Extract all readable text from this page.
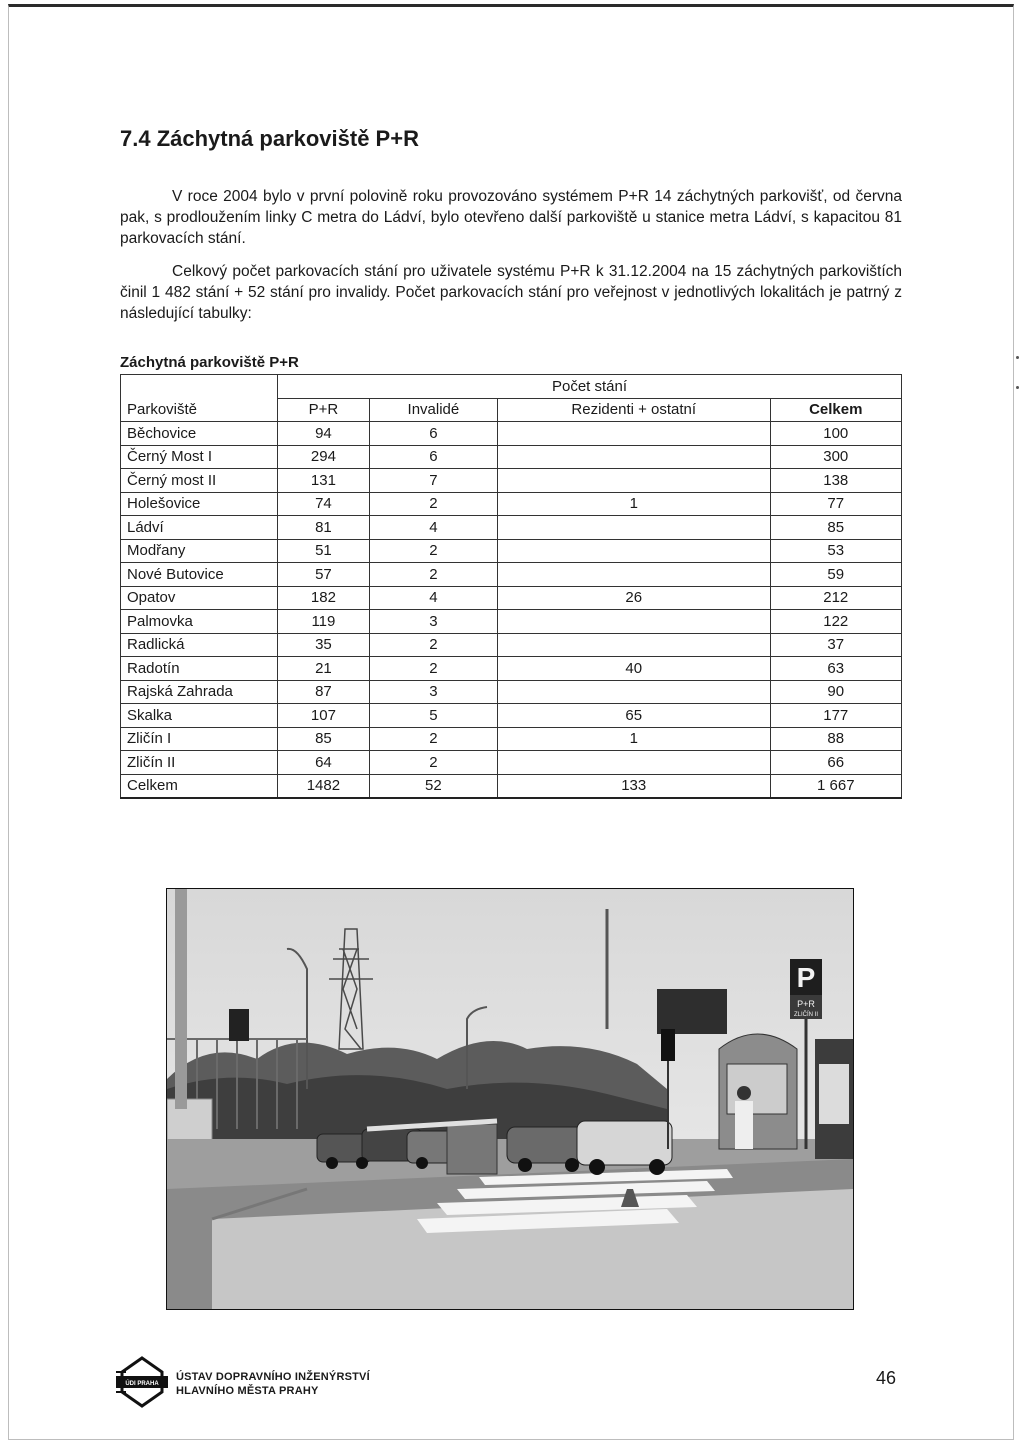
7.4 Záchytná parkoviště P+R

V roce 2004 bylo v první polovině roku provozováno systémem P+R 14 záchytných parkovišť, od června pak, s prodloužením linky C metra do Ládví, bylo otevřeno další parkoviště u stanice metra Ládví, s kapacitou 81 parkovacích stání.

Celkový počet parkovacích stání pro uživatele systému P+R k 31.12.2004 na 15 záchytných parkovištích činil 1 482 stání + 52 stání pro invalidy. Počet parkovacích stání pro veřejnost v jednotlivých lokalitách je patrný z následující tabulky:

Záchytná parkoviště P+R
	Počet stání			
Parkoviště	P+R	Invalidé	Rezidenti + ostatní	Celkem
Běchovice	94	6		100
Černý Most I	294	6		300
Černý most II	131	7		138
Holešovice	74	2	1	77
Ládví	81	4		85
Modřany	51	2		53
Nové Butovice	57	2		59
Opatov	182	4	26	212
Palmovka	119	3		122
Radlická	35	2		37
Radotín	21	2	40	63
Rajská Zahrada	87	3		90
Skalka	107	5	65	177
Zličín I	85	2	1	88
Zličín II	64	2		66
Celkem	1482	52	133	1 667
P
P+R
ZLIČÍN II
ÚDI PRAHA
ÚSTAV DOPRAVNÍHO INŽENÝRSTVÍ
HLAVNÍHO MĚSTA PRAHY
46
